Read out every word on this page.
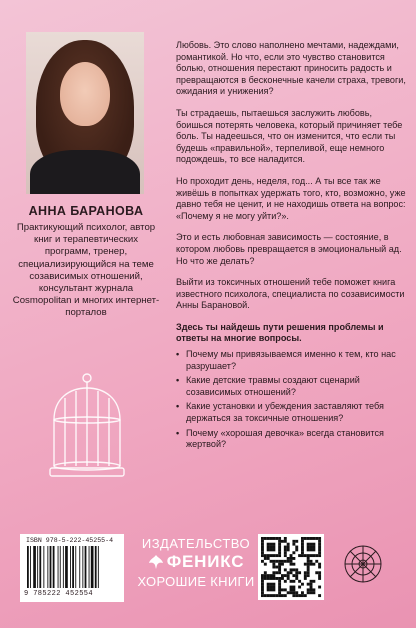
АННА БАРАНОВА

Практикующий психолог, автор книг и терапевтических программ, тренер, специализирующийся на теме созависимых отношений, консультант журнала Cosmopolitan и многих интернет-порталов

Любовь. Это слово наполнено мечтами, надеждами, романтикой. Но что, если это чувство становится болью, отношения перестают приносить радость и превращаются в бесконечные качели страха, тревоги, ожидания и унижения?

Ты страдаешь, пытаешься заслужить любовь, боишься потерять человека, который причиняет тебе боль. Ты надеешься, что он изменится, что если ты будешь «правильной», терпеливой, еще немного подождешь, то все наладится.

Но проходит день, неделя, год... А ты все так же живёшь в попытках удержать того, кто, возможно, уже давно тебя не ценит, и не находишь ответа на вопрос: «Почему я не могу уйти?».

Это и есть любовная зависимость — состояние, в котором любовь превращается в эмоциональный ад. Но что же делать?

Выйти из токсичных отношений тебе поможет книга известного психолога, специалиста по созависимости Анны Барановой.

Здесь ты найдешь пути решения проблемы и ответы на многие вопросы.
• Почему мы привязываемся именно к тем, кто нас разрушает?
• Какие детские травмы создают сценарий созависимых отношений?
• Какие установки и убеждения заставляют тебя держаться за токсичные отношения?
• Почему «хорошая девочка» всегда становится жертвой?
ISBN 978-5-222-45255-4
9 785222 452554
ИЗДАТЕЛЬСТВО
ФЕНИКС
ХОРОШИЕ КНИГИ
